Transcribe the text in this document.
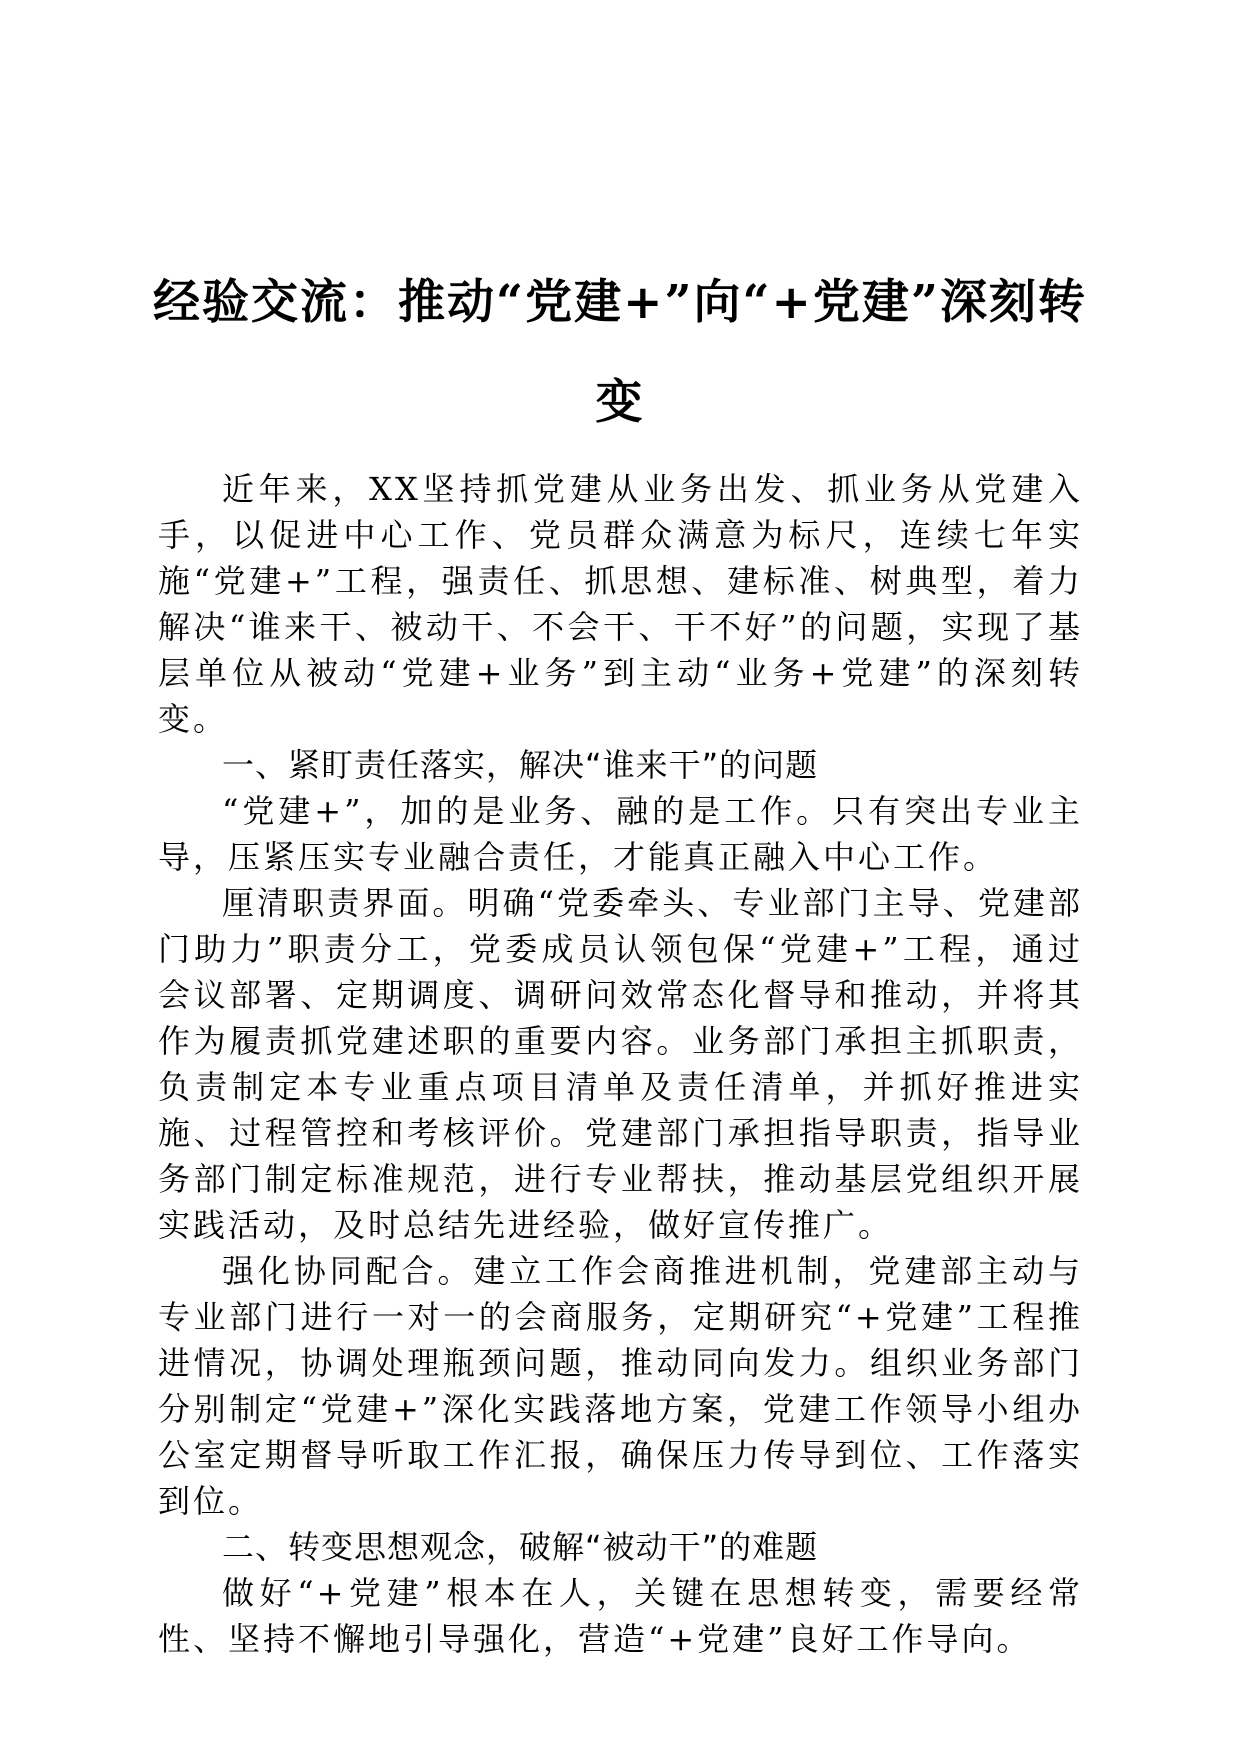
经验交流：推动“党建+”向“+党建”深刻转变

近年来，XX坚持抓党建从业务出发、抓业务从党建入手，以促进中心工作、党员群众满意为标尺，连续七年实施“党建+”工程，强责任、抓思想、建标准、树典型，着力解决“谁来干、被动干、不会干、干不好”的问题，实现了基层单位从被动“党建+业务”到主动“业务+党建”的深刻转变。

一、紧盯责任落实，解决“谁来干”的问题

“党建+”，加的是业务、融的是工作。只有突出专业主导，压紧压实专业融合责任，才能真正融入中心工作。

厘清职责界面。明确“党委牵头、专业部门主导、党建部门助力”职责分工，党委成员认领包保“党建+”工程，通过会议部署、定期调度、调研问效常态化督导和推动，并将其作为履责抓党建述职的重要内容。业务部门承担主抓职责，负责制定本专业重点项目清单及责任清单，并抓好推进实施、过程管控和考核评价。党建部门承担指导职责，指导业务部门制定标准规范，进行专业帮扶，推动基层党组织开展实践活动，及时总结先进经验，做好宣传推广。

强化协同配合。建立工作会商推进机制，党建部主动与专业部门进行一对一的会商服务，定期研究“+党建”工程推进情况，协调处理瓶颈问题，推动同向发力。组织业务部门分别制定“党建+”深化实践落地方案，党建工作领导小组办公室定期督导听取工作汇报，确保压力传导到位、工作落实到位。

二、转变思想观念，破解“被动干”的难题

做好“+党建”根本在人，关键在思想转变，需要经常性、坚持不懈地引导强化，营造“+党建”良好工作导向。
